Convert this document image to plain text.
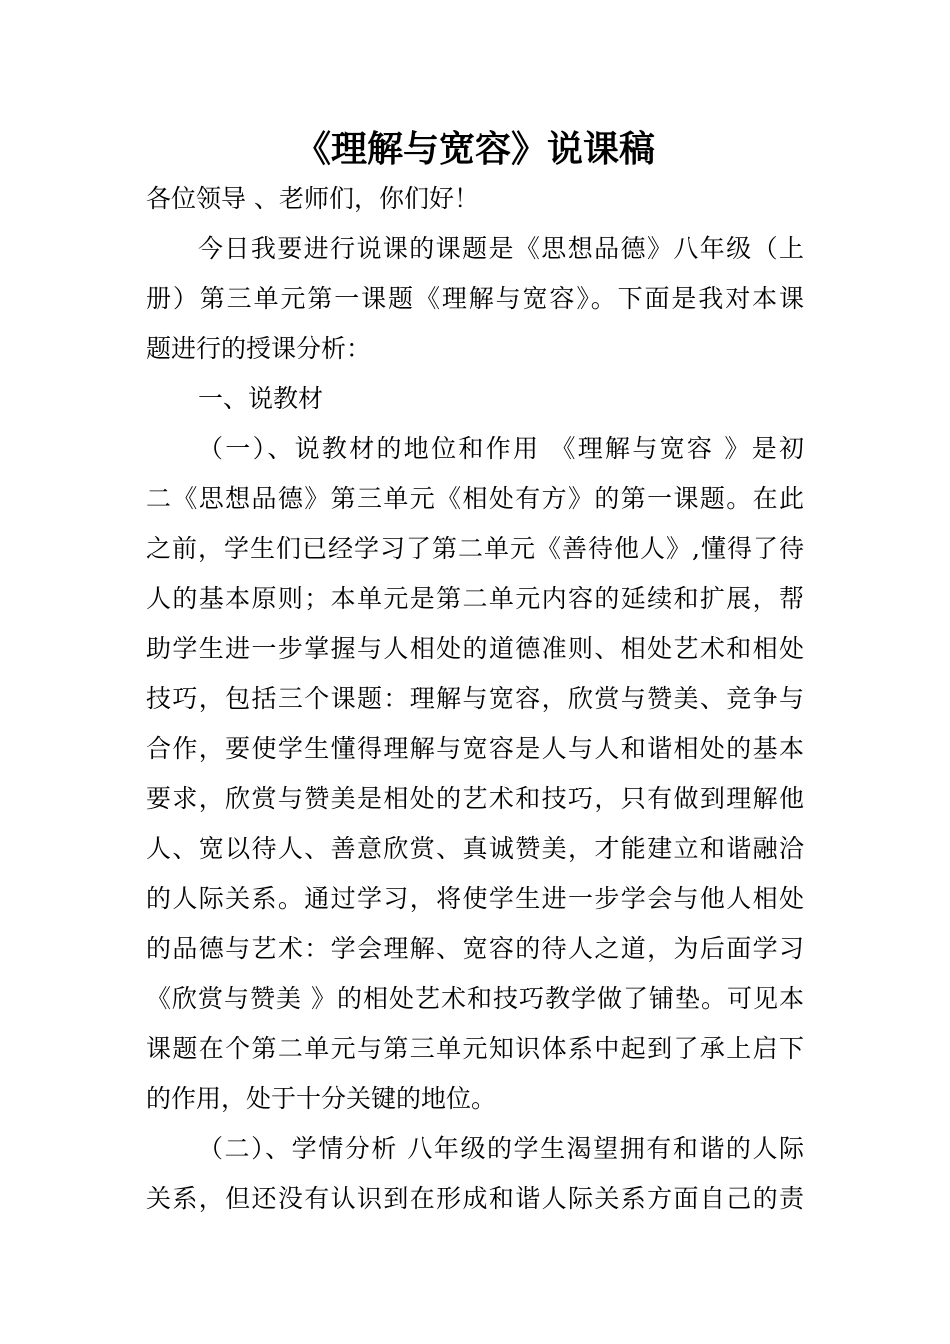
《理解与宽容》说课稿
各位领导 、老师们，你们好！
今日我要进行说课的课题是《思想品德》八年级（上
册）第三单元第一课题《理解与宽容》。下面是我对本课
题进行的授课分析：
一、说教材
（一）、说教材的地位和作用 《理解与宽容 》是初
二《思想品德》第三单元《相处有方》的第一课题。在此
之前，学生们已经学习了第二单元《善待他人》,懂得了待
人的基本原则；本单元是第二单元内容的延续和扩展，帮
助学生进一步掌握与人相处的道德准则、相处艺术和相处
技巧，包括三个课题：理解与宽容，欣赏与赞美、竞争与
合作，要使学生懂得理解与宽容是人与人和谐相处的基本
要求，欣赏与赞美是相处的艺术和技巧，只有做到理解他
人、宽以待人、善意欣赏、真诚赞美，才能建立和谐融洽
的人际关系。通过学习，将使学生进一步学会与他人相处
的品德与艺术：学会理解、宽容的待人之道，为后面学习
《欣赏与赞美 》的相处艺术和技巧教学做了铺垫。可见本
课题在个第二单元与第三单元知识体系中起到了承上启下
的作用，处于十分关键的地位。
（二）、学情分析 八年级的学生渴望拥有和谐的人际
关系，但还没有认识到在形成和谐人际关系方面自己的责
